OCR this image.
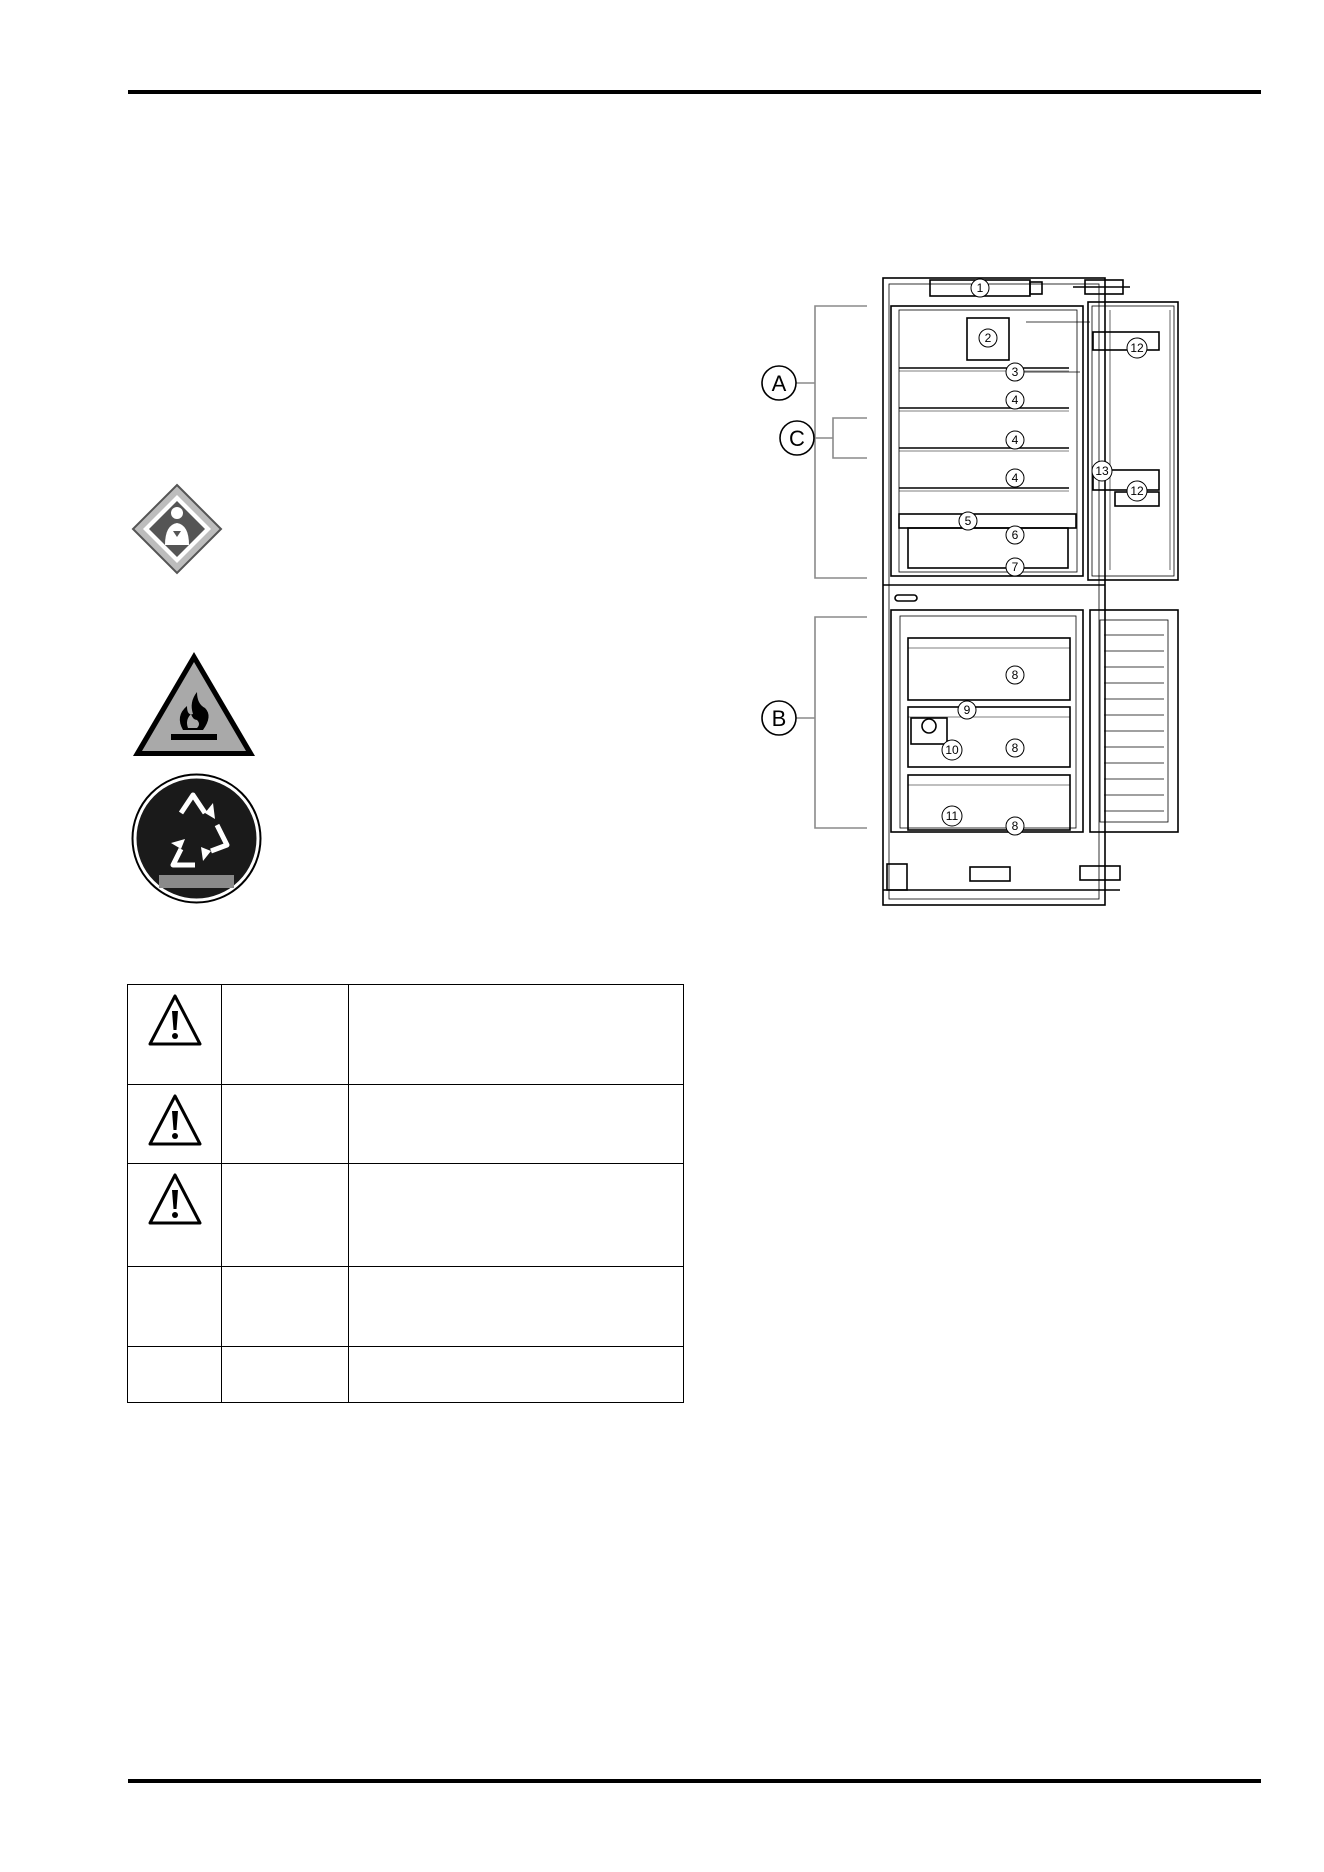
A
C
B
1
2
3
4
4
4
5
6
7
8
8
8
9
10
11
12
12
13
